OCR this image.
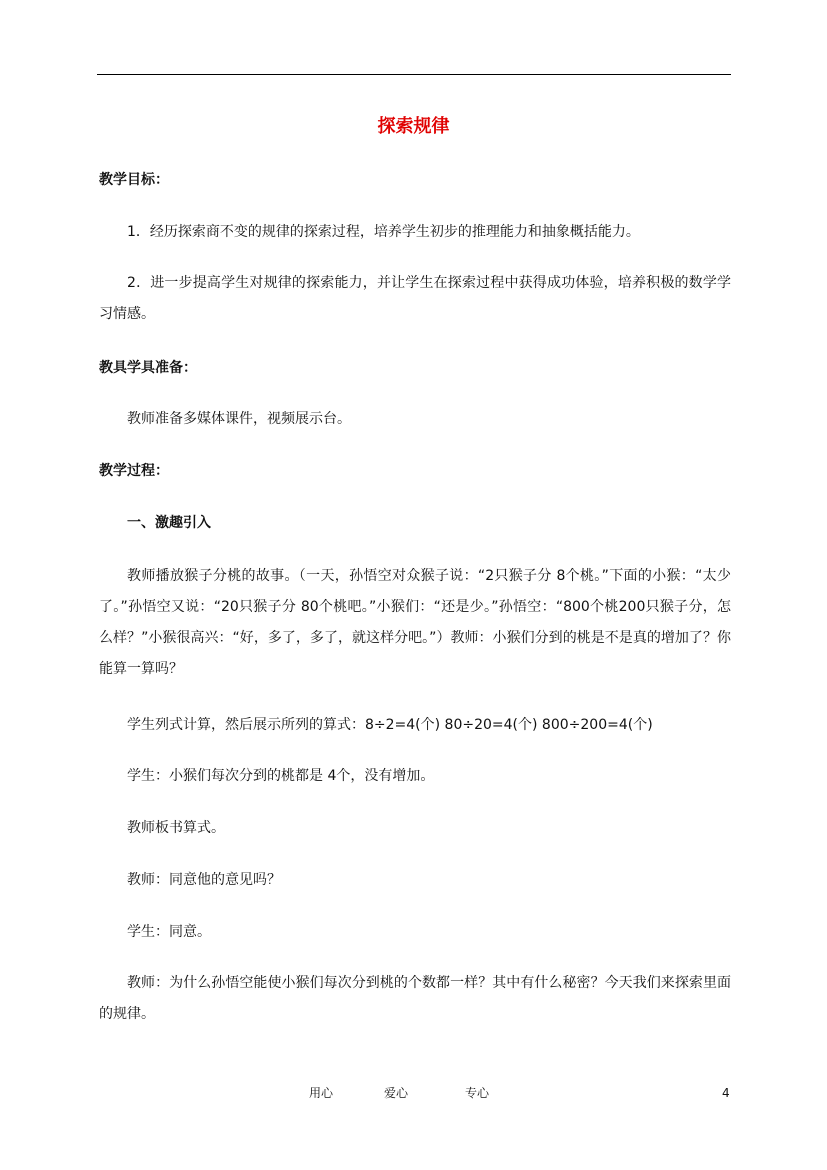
探索规律
教学目标：
1．经历探索商不变的规律的探索过程，培养学生初步的推理能力和抽象概括能力。
2．进一步提高学生对规律的探索能力，并让学生在探索过程中获得成功体验，培养积极的数学学习情感。
教具学具准备：
教师准备多媒体课件，视频展示台。
教学过程：
一、激趣引入
教师播放猴子分桃的故事。（一天，孙悟空对众猴子说：“2只猴子分 8个桃。”下面的小猴：“太少了。”孙悟空又说：“20只猴子分 80个桃吧。”小猴们：“还是少。”孙悟空：“800个桃200只猴子分，怎么样？”小猴很高兴：“好，多了，多了，就这样分吧。”）教师：小猴们分到的桃是不是真的增加了？你能算一算吗？
学生列式计算，然后展示所列的算式：8÷2=4(个) 80÷20=4(个) 800÷200=4(个)
学生：小猴们每次分到的桃都是 4个，没有增加。
教师板书算式。
教师：同意他的意见吗？
学生：同意。
教师：为什么孙悟空能使小猴们每次分到桃的个数都一样？其中有什么秘密？今天我们来探索里面的规律。
用心	爱心	专心	4
